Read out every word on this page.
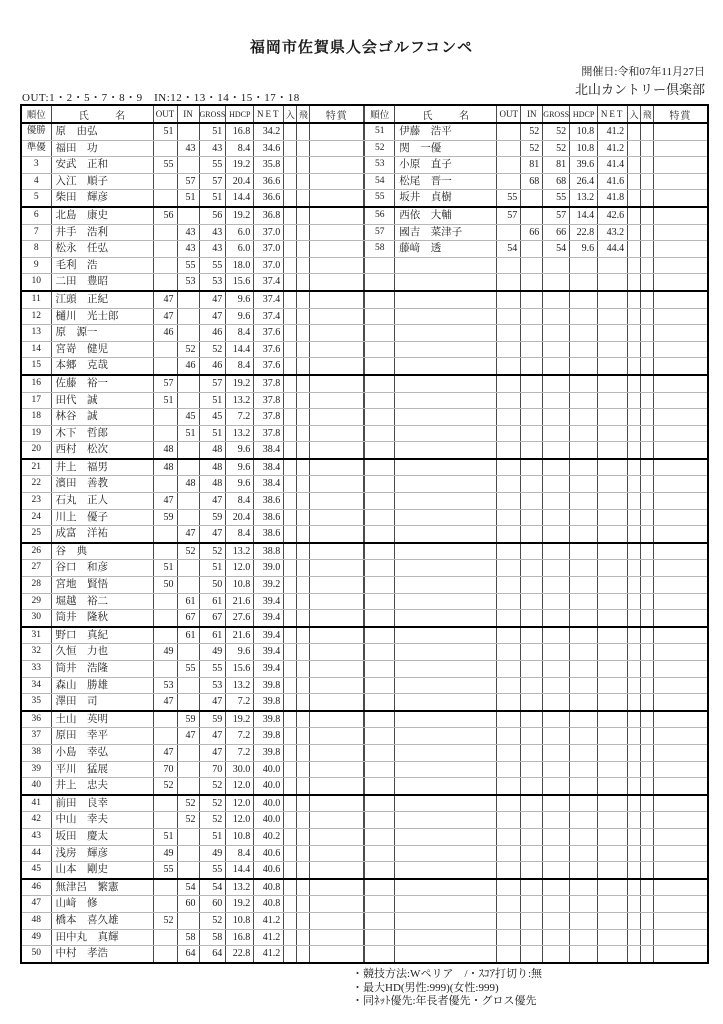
福岡市佐賀県人会ゴルフコンペ
開催日:令和07年11月27日
北山カントリー倶楽部
OUT:1・2・5・7・8・9　IN:12・13・14・15・17・18
順位	氏 名	OUT	IN	GROSS	HDCP	NET	入	飛	特賞
優勝	原　由弘	51		51	16.8	34.2			
準優	福田　功		43	43	8.4	34.6			
3	安武　正和	55		55	19.2	35.8			
4	入江　順子		57	57	20.4	36.6			
5	柴田　輝彦		51	51	14.4	36.6			
6	北島　康史	56		56	19.2	36.8			
7	井手　浩利		43	43	6.0	37.0			
8	松永　任弘		43	43	6.0	37.0			
9	毛利　浩		55	55	18.0	37.0			
10	二田　豊昭		53	53	15.6	37.4			
11	江頭　正紀	47		47	9.6	37.4			
12	樋川　光士郎	47		47	9.6	37.4			
13	原　源一	46		46	8.4	37.6			
14	宮嵜　健児		52	52	14.4	37.6			
15	本郷　克哉		46	46	8.4	37.6			
16	佐藤　裕一	57		57	19.2	37.8			
17	田代　誠	51		51	13.2	37.8			
18	林谷　誠		45	45	7.2	37.8			
19	木下　哲郎		51	51	13.2	37.8			
20	西村　松次	48		48	9.6	38.4			
21	井上　福男	48		48	9.6	38.4			
22	濱田　善教		48	48	9.6	38.4			
23	石丸　正人	47		47	8.4	38.6			
24	川上　優子	59		59	20.4	38.6			
25	成富　洋祐		47	47	8.4	38.6			
26	谷　典		52	52	13.2	38.8			
27	谷口　和彦	51		51	12.0	39.0			
28	宮地　賢悟	50		50	10.8	39.2			
29	堀越　裕二		61	61	21.6	39.4			
30	筒井　隆秋		67	67	27.6	39.4			
31	野口　真紀		61	61	21.6	39.4			
32	久恒　力也	49		49	9.6	39.4			
33	筒井　浩隆		55	55	15.6	39.4			
34	森山　勝雄	53		53	13.2	39.8			
35	澤田　司	47		47	7.2	39.8			
36	土山　英明		59	59	19.2	39.8			
37	原田　幸平		47	47	7.2	39.8			
38	小島　幸弘	47		47	7.2	39.8			
39	平川　猛展	70		70	30.0	40.0			
40	井上　忠夫	52		52	12.0	40.0			
41	前田　良幸		52	52	12.0	40.0			
42	中山　幸夫		52	52	12.0	40.0			
43	坂田　慶太	51		51	10.8	40.2			
44	浅房　輝彦	49		49	8.4	40.6			
45	山本　剛史	55		55	14.4	40.6			
46	無津呂　繁憲		54	54	13.2	40.8			
47	山﨑　修		60	60	19.2	40.8			
48	橋本　喜久雄	52		52	10.8	41.2			
49	田中丸　真輝		58	58	16.8	41.2			
50	中村　孝浩		64	64	22.8	41.2			
順位	氏 名	OUT	IN	GROSS	HDCP	NET	入	飛	特賞
51	伊藤　浩平		52	52	10.8	41.2			
52	関　一優		52	52	10.8	41.2			
53	小原　直子		81	81	39.6	41.4			
54	松尾　晋一		68	68	26.4	41.6			
55	坂井　貞樹	55		55	13.2	41.8			
56	西依　大輔	57		57	14.4	42.6			
57	國吉　菜津子		66	66	22.8	43.2			
58	藤﨑　透	54		54	9.6	44.4			

・競技方法:Wペリア　/・ｽｺｱ打切り:無
・最大HD(男性:999)(女性:999)
・同ﾈｯﾄ優先:年長者優先・グロス優先
